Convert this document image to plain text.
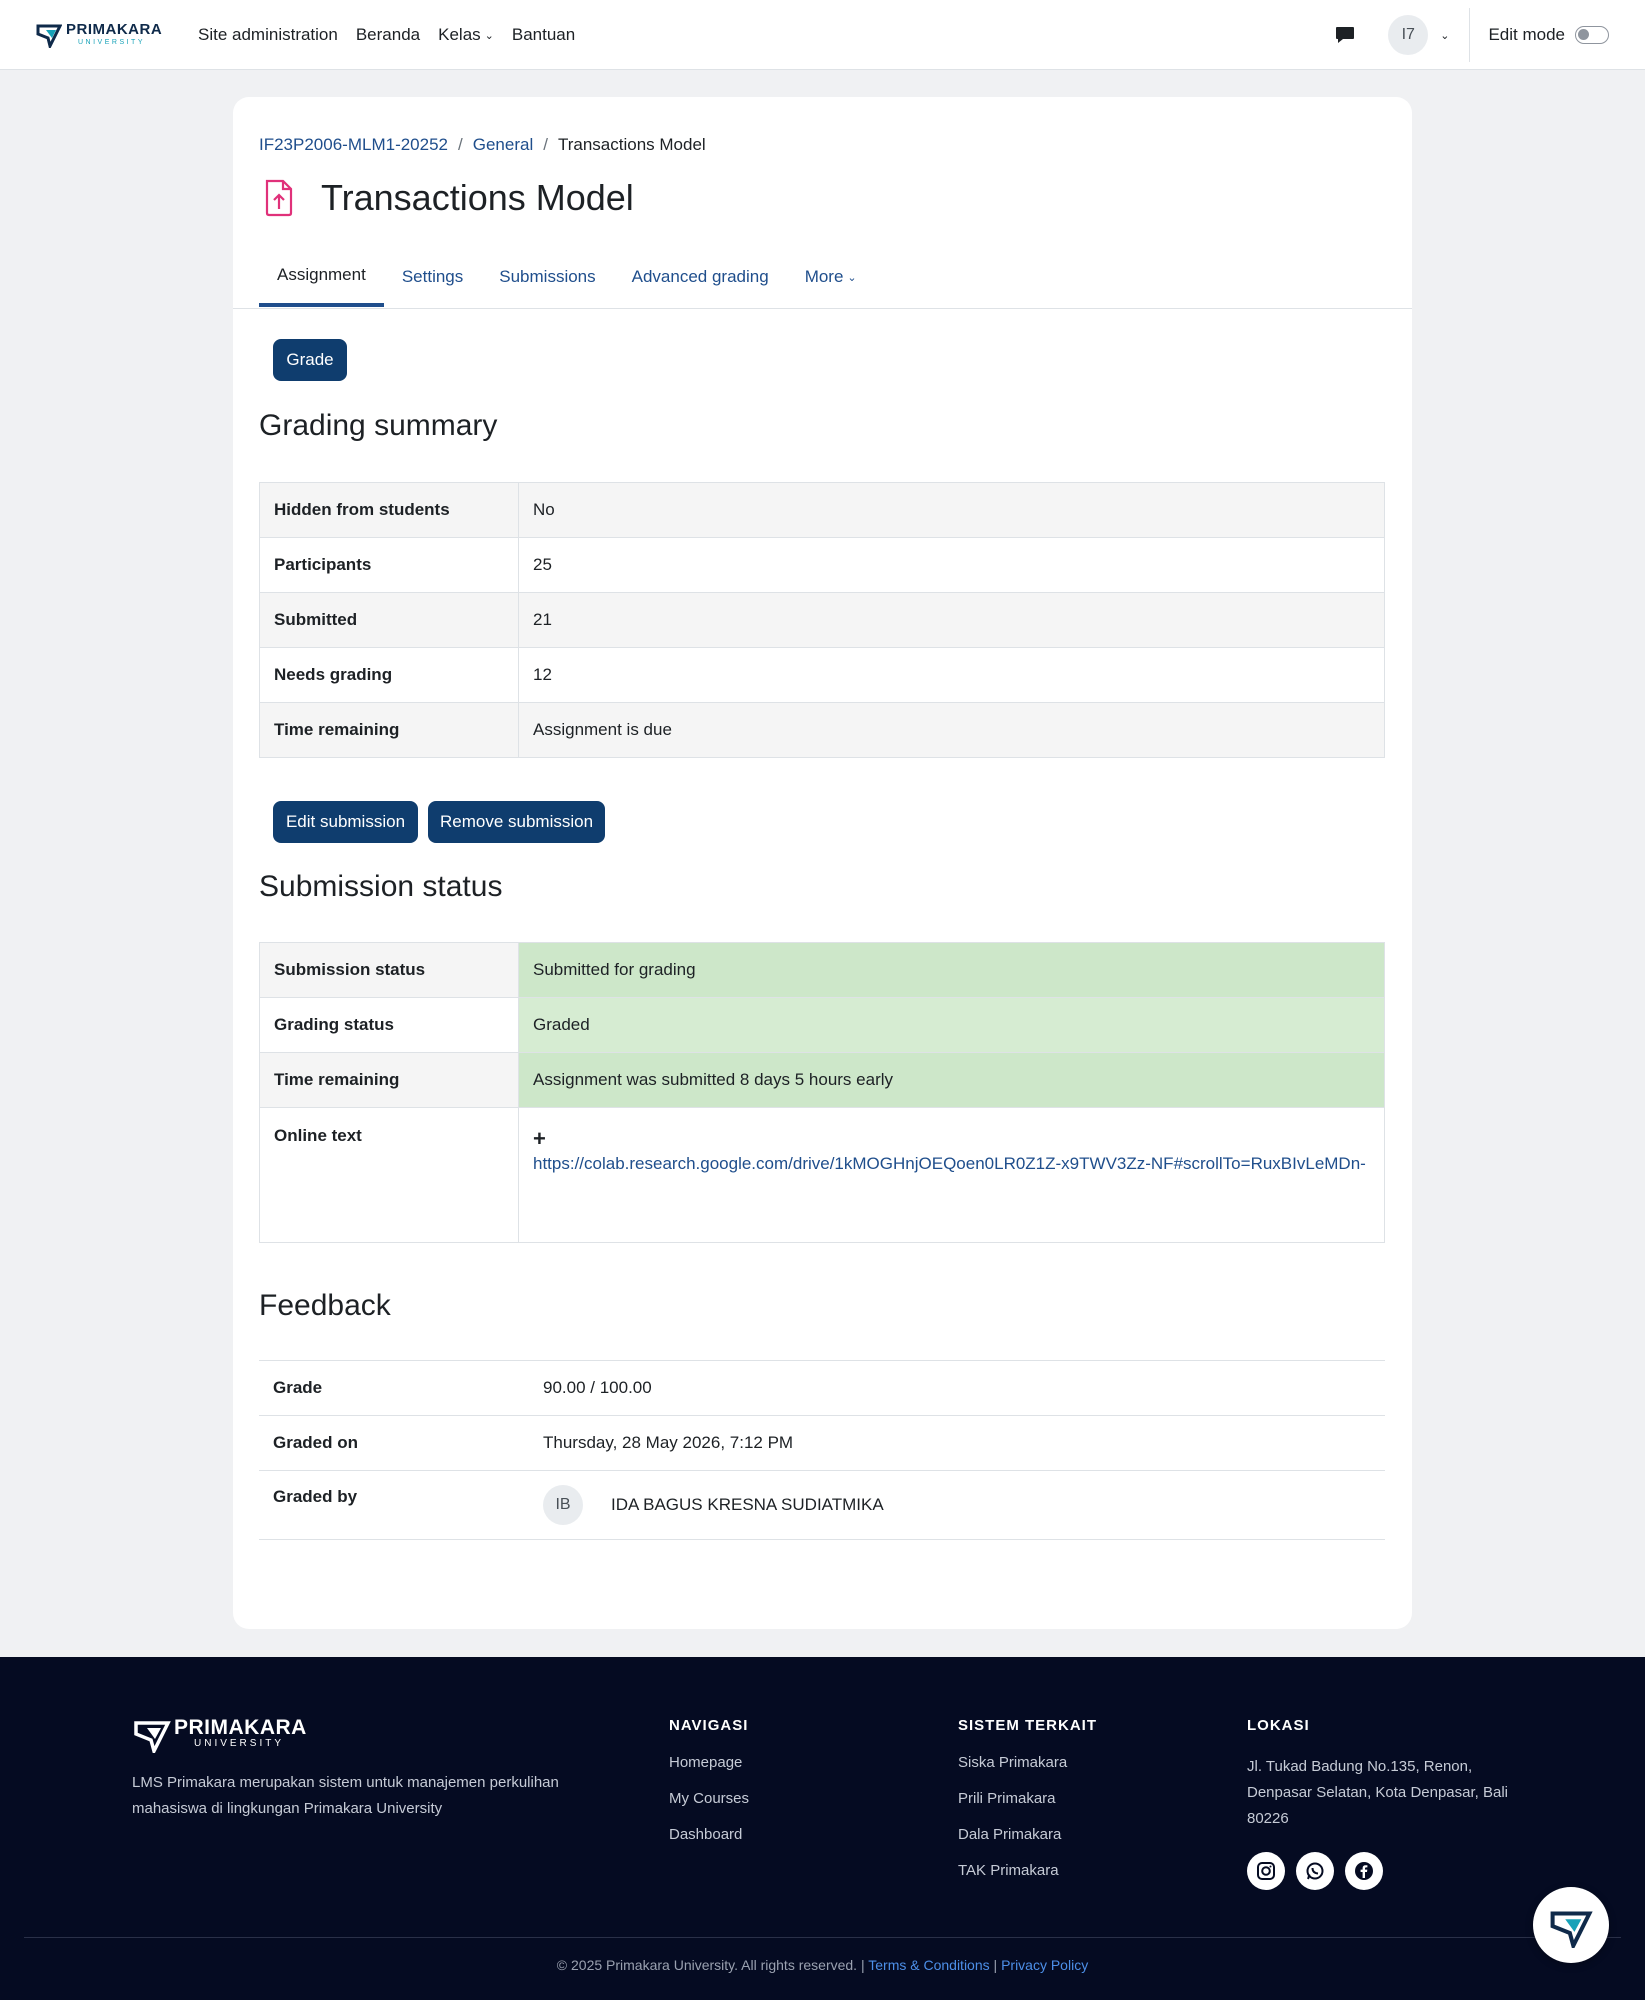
PRIMAKARA
UNIVERSITY	Site administration Beranda Kelas ⌄ Bantuan	I7	⌄ Edit mode
IF23P2006-MLM1-20252 / General / Transactions Model
Transactions Model
Assignment	Settings	Submissions	Advanced grading	More ⌄
Grade
Grading summary
Hidden from students	No
Participants	25
Submitted	21
Needs grading	12
Time remaining	Assignment is due
Edit submission	Remove submission
Submission status
Submission status	Submitted for grading
Grading status	Graded
Time remaining	Assignment was submitted 8 days 5 hours early
Online text	+
https://colab.research.google.com/drive/1kMOGHnjOEQoen0LR0Z1Z-x9TWV3Zz-NF#scrollTo=RuxBIvLeMDn-
Feedback
Grade	90.00 / 100.00
Graded on	Thursday, 28 May 2026, 7:12 PM
Graded by	IB IDA BAGUS KRESNA SUDIATMIKA
PRIMAKARA
UNIVERSITY
LMS Primakara merupakan sistem untuk manajemen perkulihan mahasiswa di lingkungan Primakara University
NAVIGASI
Homepage
My Courses
Dashboard
SISTEM TERKAIT
Siska Primakara
Prili Primakara
Dala Primakara
TAK Primakara
LOKASI
Jl. Tukad Badung No.135, Renon, Denpasar Selatan, Kota Denpasar, Bali 80226
© 2025 Primakara University. All rights reserved. | Terms & Conditions | Privacy Policy
